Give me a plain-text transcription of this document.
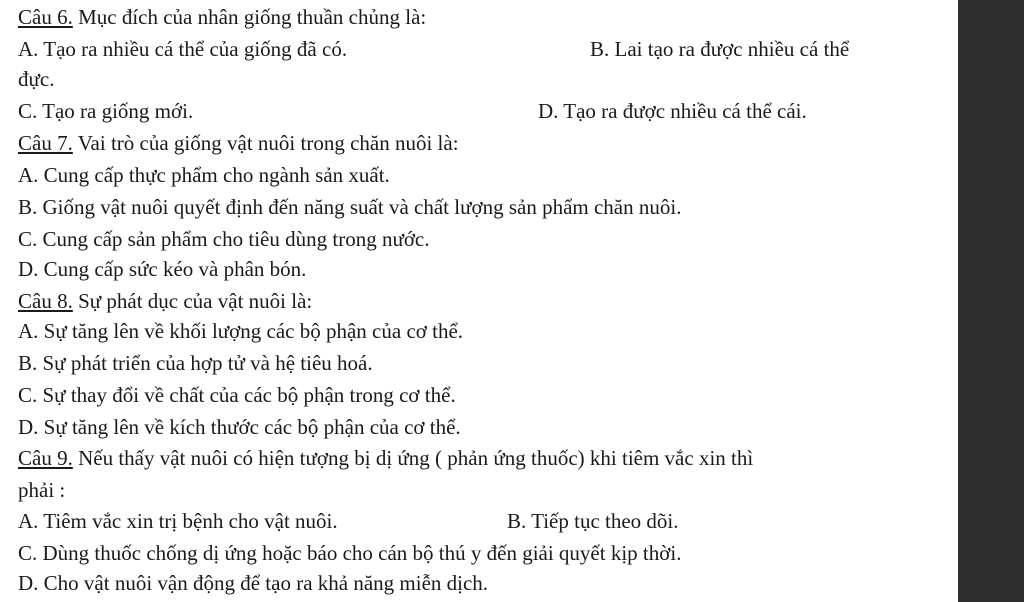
Câu 6. Mục đích của nhân giống thuần chủng là:
A. Tạo ra nhiều cá thể của giống đã có.	B. Lai tạo ra được nhiều cá thể
đực.
C. Tạo ra giống mới.	D. Tạo ra được nhiều cá thể cái.
Câu 7. Vai trò của giống vật nuôi trong chăn nuôi là:
A. Cung cấp thực phẩm cho ngành sản xuất.
B. Giống vật nuôi quyết định đến năng suất và chất lượng sản phẩm chăn nuôi.
C. Cung cấp sản phẩm cho tiêu dùng trong nước.
D. Cung cấp sức kéo và phân bón.
Câu 8. Sự phát dục của vật nuôi là:
A. Sự tăng lên về khối lượng các bộ phận của cơ thể.
B. Sự phát triển của hợp tử và hệ tiêu hoá.
C. Sự thay đổi về chất của các bộ phận trong cơ thể.
D. Sự tăng lên về kích thước các bộ phận của cơ thể.
Câu 9. Nếu thấy vật nuôi có hiện tượng bị dị ứng ( phản ứng thuốc) khi tiêm vắc xin thì
phải :
A. Tiêm vắc xin trị bệnh cho vật nuôi.	B. Tiếp tục theo dõi.
C. Dùng thuốc chống dị ứng hoặc báo cho cán bộ thú y đến giải quyết kịp thời.
D. Cho vật nuôi vận động để tạo ra khả năng miễn dịch.
